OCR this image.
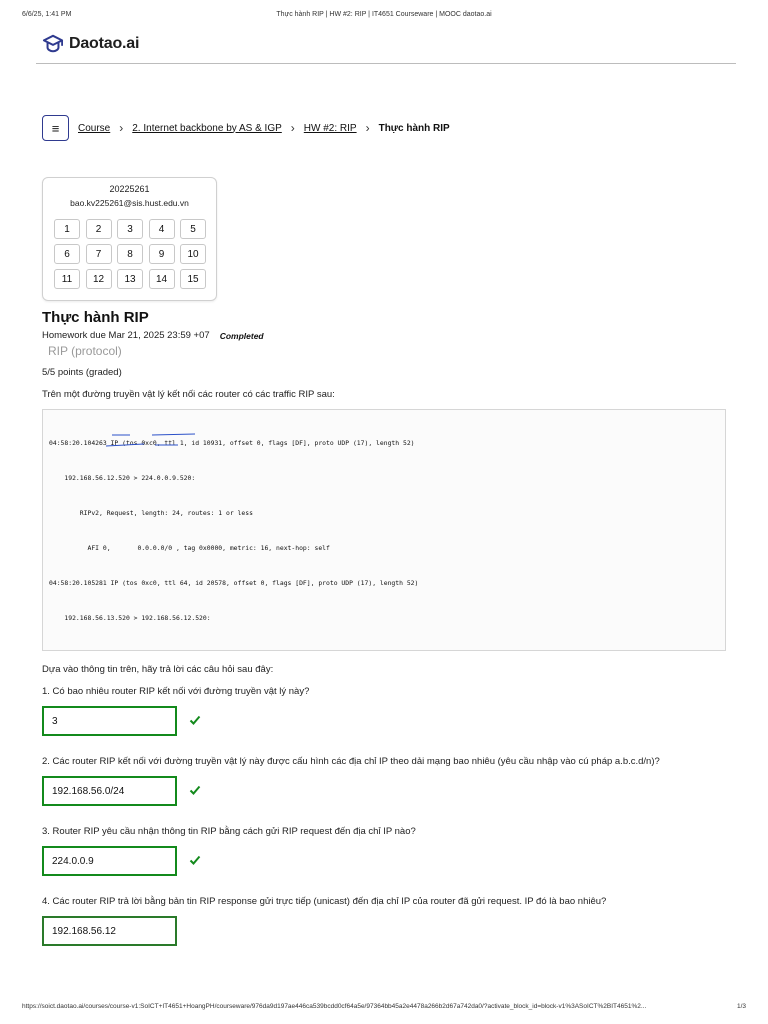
6/6/25, 1:41 PM	Thực hành RIP | HW #2: RIP | IT4651 Courseware | MOOC daotao.ai
Daotao.ai
≡ Course › 2. Internet backbone by AS & IGP › HW #2: RIP › Thực hành RIP
20225261
bao.kv225261@sis.hust.edu.vn
1	2	3	4	5
6	7	8	9	10
11	12	13	14	15
Thực hành RIP
Homework due Mar 21, 2025 23:59 +07 Completed
RIP (protocol)
5/5 points (graded)
Trên một đường truyền vật lý kết nối các router có các traffic RIP sau:

04:58:20.104263 IP (tos 0xc0, ttl 1, id 10931, offset 0, flags [DF], proto UDP (17), length 52)

192.168.56.12.520 > 224.0.0.9.520:

RIPv2, Request, length: 24, routes: 1 or less

AFI 0,       0.0.0.0/0 , tag 0x0000, metric: 16, next-hop: self

04:58:20.105281 IP (tos 0xc0, ttl 64, id 20578, offset 0, flags [DF], proto UDP (17), length 52)

192.168.56.13.520 > 192.168.56.12.520:

Dựa vào thông tin trên, hãy trả lời các câu hỏi sau đây:
1. Có bao nhiêu router RIP kết nối với đường truyền vật lý này?
3
2. Các router RIP kết nối với đường truyền vật lý này được cấu hình các địa chỉ IP theo dải mạng bao nhiêu (yêu cầu nhập vào cú pháp a.b.c.d/n)?
192.168.56.0/24
3. Router RIP yêu cầu nhận thông tin RIP bằng cách gửi RIP request đến địa chỉ IP nào?
224.0.0.9
4. Các router RIP trả lời bằng bản tin RIP response gửi trực tiếp (unicast) đến địa chỉ IP của router đã gửi request. IP đó là bao nhiêu?
192.168.56.12
https://soict.daotao.ai/courses/course-v1:SoICT+IT4651+HoangPH/courseware/976da9d197ae446ca539bcdd0cf64a5e/97364bb45a2e4478a266b2d67a742da0/?activate_block_id=block-v1%3ASoICT%2BIT4651%2...	1/3
